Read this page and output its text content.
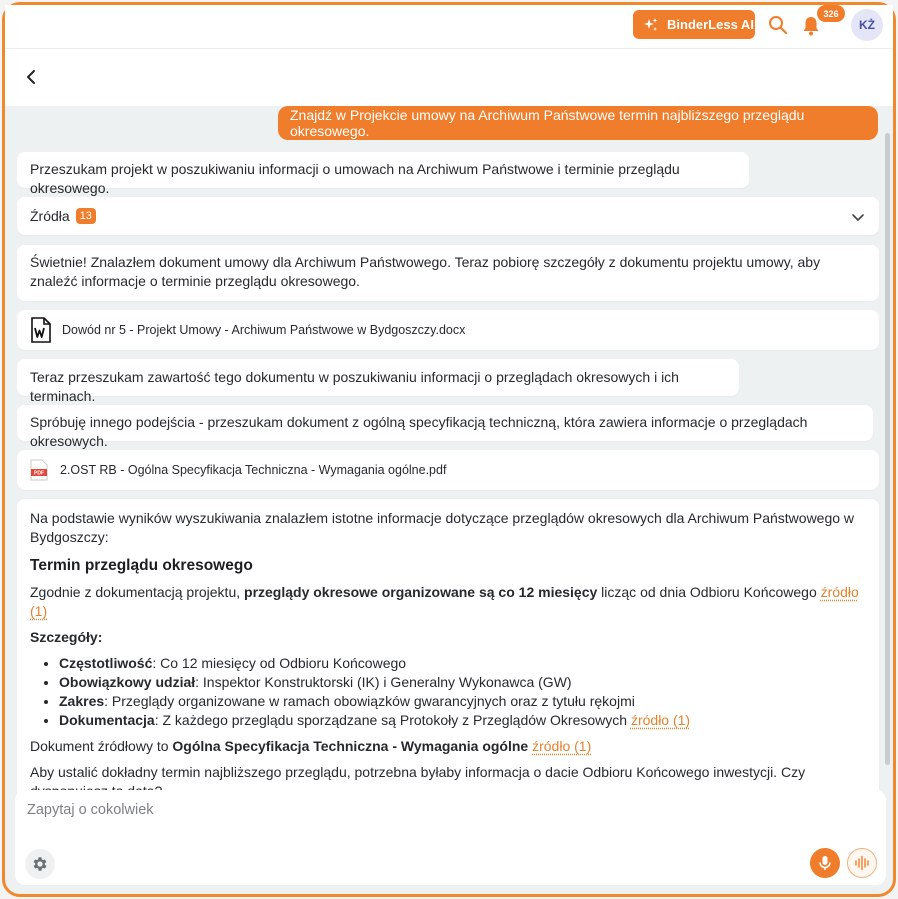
BinderLess AI
326
KŻ
Znajdź w Projekcie umowy na Archiwum Państwowe termin najbliższego przeglądu okresowego.
Przeszukam projekt w poszukiwaniu informacji o umowach na Archiwum Państwowe i terminie przeglądu okresowego.
Źródła 13
Świetnie! Znalazłem dokument umowy dla Archiwum Państwowego. Teraz pobiorę szczegóły z dokumentu projektu umowy, aby znaleźć informacje o terminie przeglądu okresowego.
Dowód nr 5 - Projekt Umowy - Archiwum Państwowe w Bydgoszczy.docx
Teraz przeszukam zawartość tego dokumentu w poszukiwaniu informacji o przeglądach okresowych i ich terminach.
Spróbuję innego podejścia - przeszukam dokument z ogólną specyfikacją techniczną, która zawiera informacje o przeglądach okresowych.
PDF 2.OST RB - Ogólna Specyfikacja Techniczna - Wymagania ogólne.pdf

Na podstawie wyników wyszukiwania znalazłem istotne informacje dotyczące przeglądów okresowych dla Archiwum Państwowego w Bydgoszczy:

Termin przeglądu okresowego

Zgodnie z dokumentacją projektu, przeglądy okresowe organizowane są co 12 miesięcy licząc od dnia Odbioru Końcowego źródło (1)

Szczegóły:

• Częstotliwość: Co 12 miesięcy od Odbioru Końcowego
• Obowiązkowy udział: Inspektor Konstruktorski (IK) i Generalny Wykonawca (GW)
• Zakres: Przeglądy organizowane w ramach obowiązków gwarancyjnych oraz z tytułu rękojmi
• Dokumentacja: Z każdego przeglądu sporządzane są Protokoły z Przeglądów Okresowych źródło (1)

Dokument źródłowy to Ogólna Specyfikacja Techniczna - Wymagania ogólne źródło (1)

Aby ustalić dokładny termin najbliższego przeglądu, potrzebna byłaby informacja o dacie Odbioru Końcowego inwestycji. Czy

Zapytaj o cokolwiek
